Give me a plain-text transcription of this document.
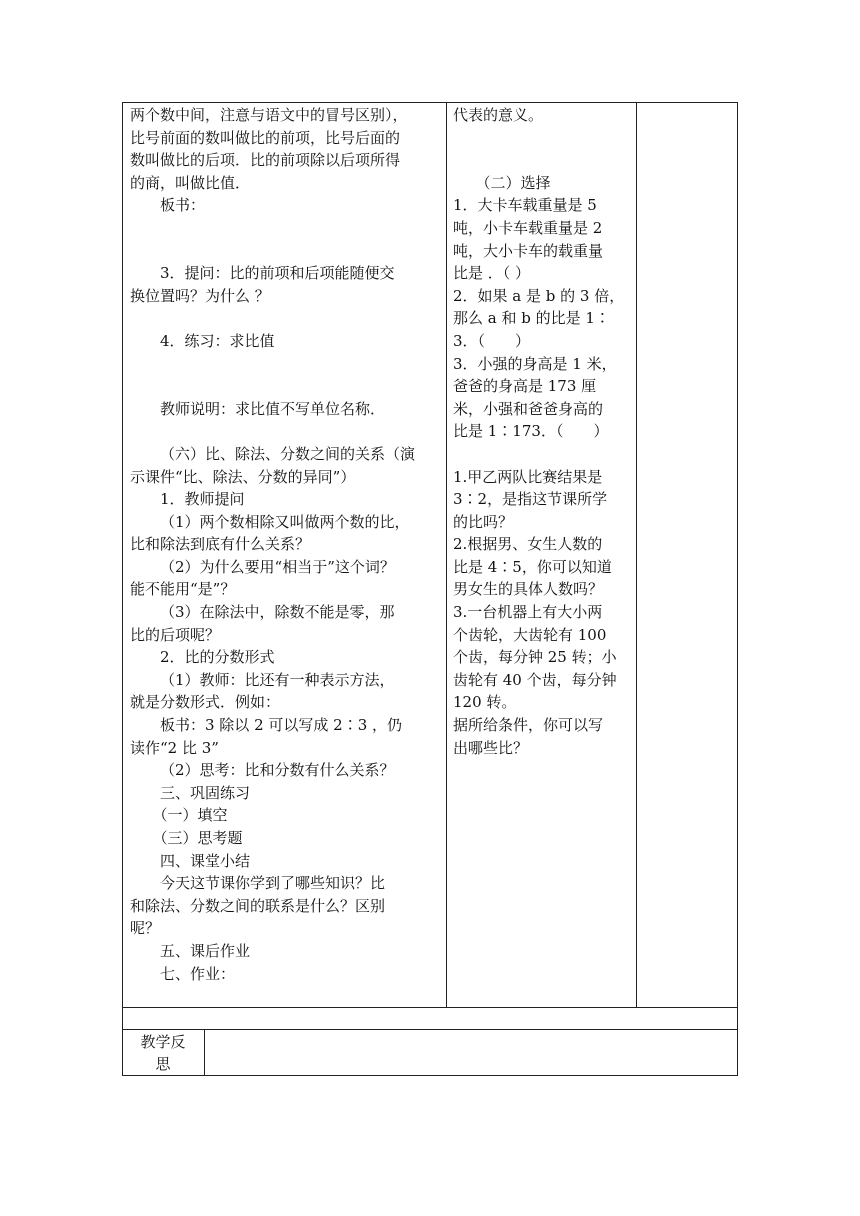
两个数中间，注意与语文中的冒号区别），

比号前面的数叫做比的前项，比号后面的

数叫做比的后项．比的前项除以后项所得

的商，叫做比值．

板书：

3．提问：比的前项和后项能随便交

换位置吗？为什么 ？

4．练习：求比值

教师说明：求比值不写单位名称．

（六）比、除法、分数之间的关系（演

示课件“比、除法、分数的异同”）

1．教师提问

（1）两个数相除又叫做两个数的比，

比和除法到底有什么关系？

（2）为什么要用“相当于”这个词？

能不能用“是”？

（3）在除法中，除数不能是零，那

比的后项呢？

2．比的分数形式

（1）教师：比还有一种表示方法，

就是分数形式．例如：

板书：3 除以 2 可以写成 2∶3 ，仍

读作“2 比 3”

（2）思考：比和分数有什么关系？

三、巩固练习

（一）填空

（三）思考题

四、课堂小结

今天这节课你学到了哪些知识？比

和除法、分数之间的联系是什么？区别

呢？

五、课后作业

七、作业：

代表的意义。

（二）选择

1．大卡车载重量是 5

吨，小卡车载重量是 2

吨，大小卡车的载重量

比是 ．（ ）

2．如果 a 是 b 的 3 倍，

那么 a 和 b 的比是 1∶

3．（　　）

3．小强的身高是 1 米，

爸爸的身高是 173 厘

米，小强和爸爸身高的

比是 1∶173．（　　）

1.甲乙两队比赛结果是

3∶2，是指这节课所学

的比吗？

2.根据男、女生人数的

比是 4∶5，你可以知道

男女生的具体人数吗？

3.一台机器上有大小两

个齿轮，大齿轮有 100

个齿，每分钟 25 转；小

齿轮有 40 个齿，每分钟

120 转。

据所给条件，你可以写

出哪些比？

教学反
思
